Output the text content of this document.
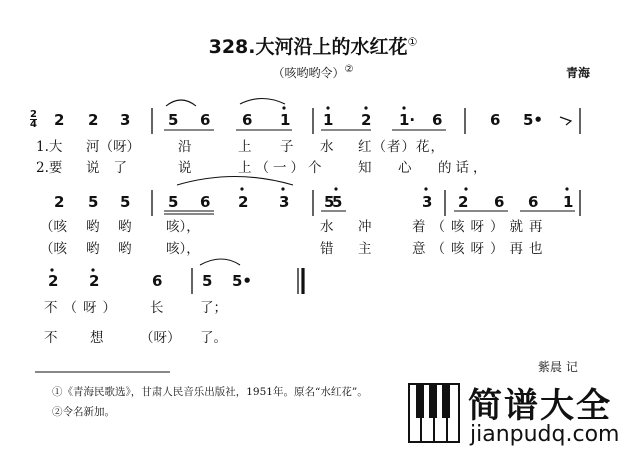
328.大河沿上的水红花①
（咳哟哟令）②	青海
2
4 2 2 3	5 6 6 1 1 2 1· 6	6 5•
1.大 河（呀）	沿	上 子 水 红（者）花，
2.要 说了	说	上（一）个 知 心 的话，
2 5 5	5 6 2 3 5
5	3 2 6 6 1
（咳 哟 哟	咳），	水 冲	着（咳呀）就再
（咳 哟 哟	咳），	错 主	意（咳呀）再也
2 2	6	5 5•
不（呀） 长	了；
不 想	（呀） 了。
紫晨 记
①《青海民歌选》，甘肃人民音乐出版社，1951年。原名“水红花”。
②令名新加。	简谱大全
jianpudq.com
